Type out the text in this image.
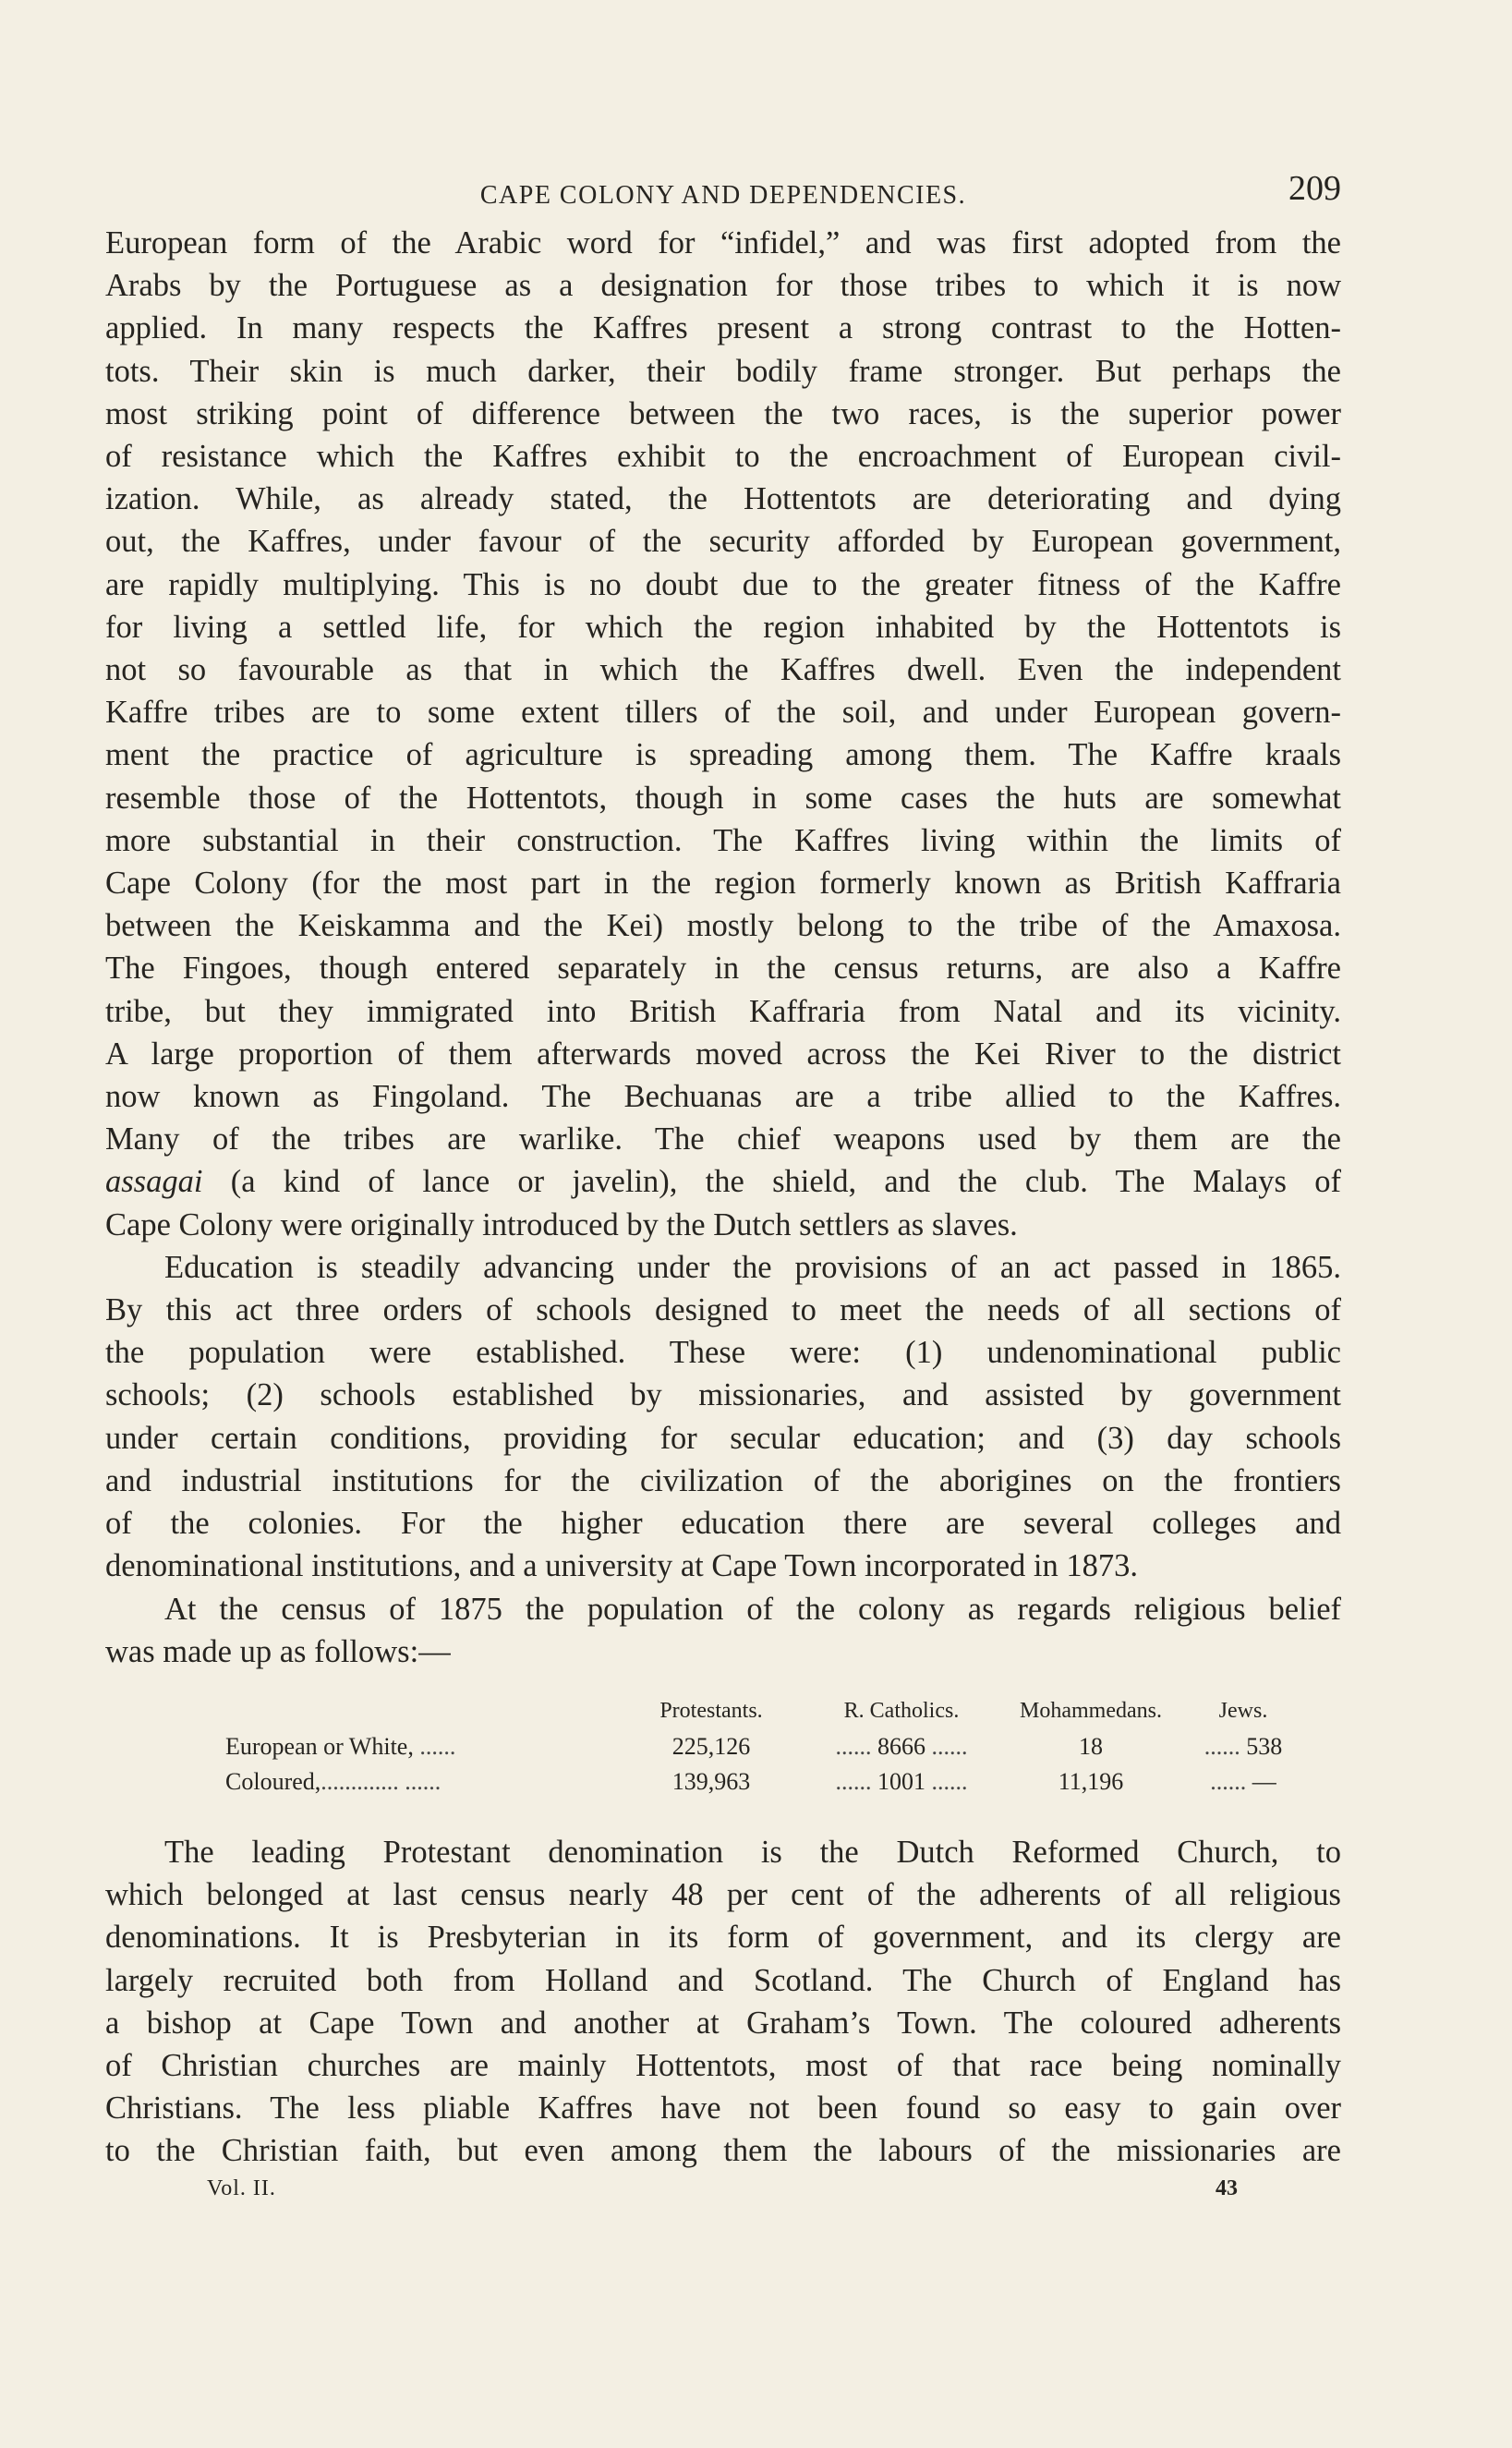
CAPE COLONY AND DEPENDENCIES.	209

European form of the Arabic word for “infidel,” and was first adopted from the

Arabs by the Portuguese as a designation for those tribes to which it is now

applied. In many respects the Kaffres present a strong contrast to the Hotten-

tots. Their skin is much darker, their bodily frame stronger. But perhaps the

most striking point of difference between the two races, is the superior power

of resistance which the Kaffres exhibit to the encroachment of European civil-

ization. While, as already stated, the Hottentots are deteriorating and dying

out, the Kaffres, under favour of the security afforded by European government,

are rapidly multiplying. This is no doubt due to the greater fitness of the Kaffre

for living a settled life, for which the region inhabited by the Hottentots is

not so favourable as that in which the Kaffres dwell. Even the independent

Kaffre tribes are to some extent tillers of the soil, and under European govern-

ment the practice of agriculture is spreading among them. The Kaffre kraals

resemble those of the Hottentots, though in some cases the huts are somewhat

more substantial in their construction. The Kaffres living within the limits of

Cape Colony (for the most part in the region formerly known as British Kaffraria

between the Keiskamma and the Kei) mostly belong to the tribe of the Amaxosa.

The Fingoes, though entered separately in the census returns, are also a Kaffre

tribe, but they immigrated into British Kaffraria from Natal and its vicinity.

A large proportion of them afterwards moved across the Kei River to the district

now known as Fingoland. The Bechuanas are a tribe allied to the Kaffres.

Many of the tribes are warlike. The chief weapons used by them are the

assagai (a kind of lance or javelin), the shield, and the club. The Malays of

Cape Colony were originally introduced by the Dutch settlers as slaves.

Education is steadily advancing under the provisions of an act passed in 1865.

By this act three orders of schools designed to meet the needs of all sections of

the population were established. These were: (1) undenominational public

schools; (2) schools established by missionaries, and assisted by government

under certain conditions, providing for secular education; and (3) day schools

and industrial institutions for the civilization of the aborigines on the frontiers

of the colonies. For the higher education there are several colleges and

denominational institutions, and a university at Cape Town incorporated in 1873.

At the census of 1875 the population of the colony as regards religious belief

was made up as follows:—

	Protestants.	R. Catholics.	Mohammedans.	Jews.
European or White, ......	225,126	...... 8666 ......	18	...... 538
Coloured,............. ......	139,963	...... 1001 ......	11,196	...... —

The leading Protestant denomination is the Dutch Reformed Church, to

which belonged at last census nearly 48 per cent of the adherents of all religious

denominations. It is Presbyterian in its form of government, and its clergy are

largely recruited both from Holland and Scotland. The Church of England has

a bishop at Cape Town and another at Graham’s Town. The coloured adherents

of Christian churches are mainly Hottentots, most of that race being nominally

Christians. The less pliable Kaffres have not been found so easy to gain over

to the Christian faith, but even among them the labours of the missionaries are

Vol. II.	43
